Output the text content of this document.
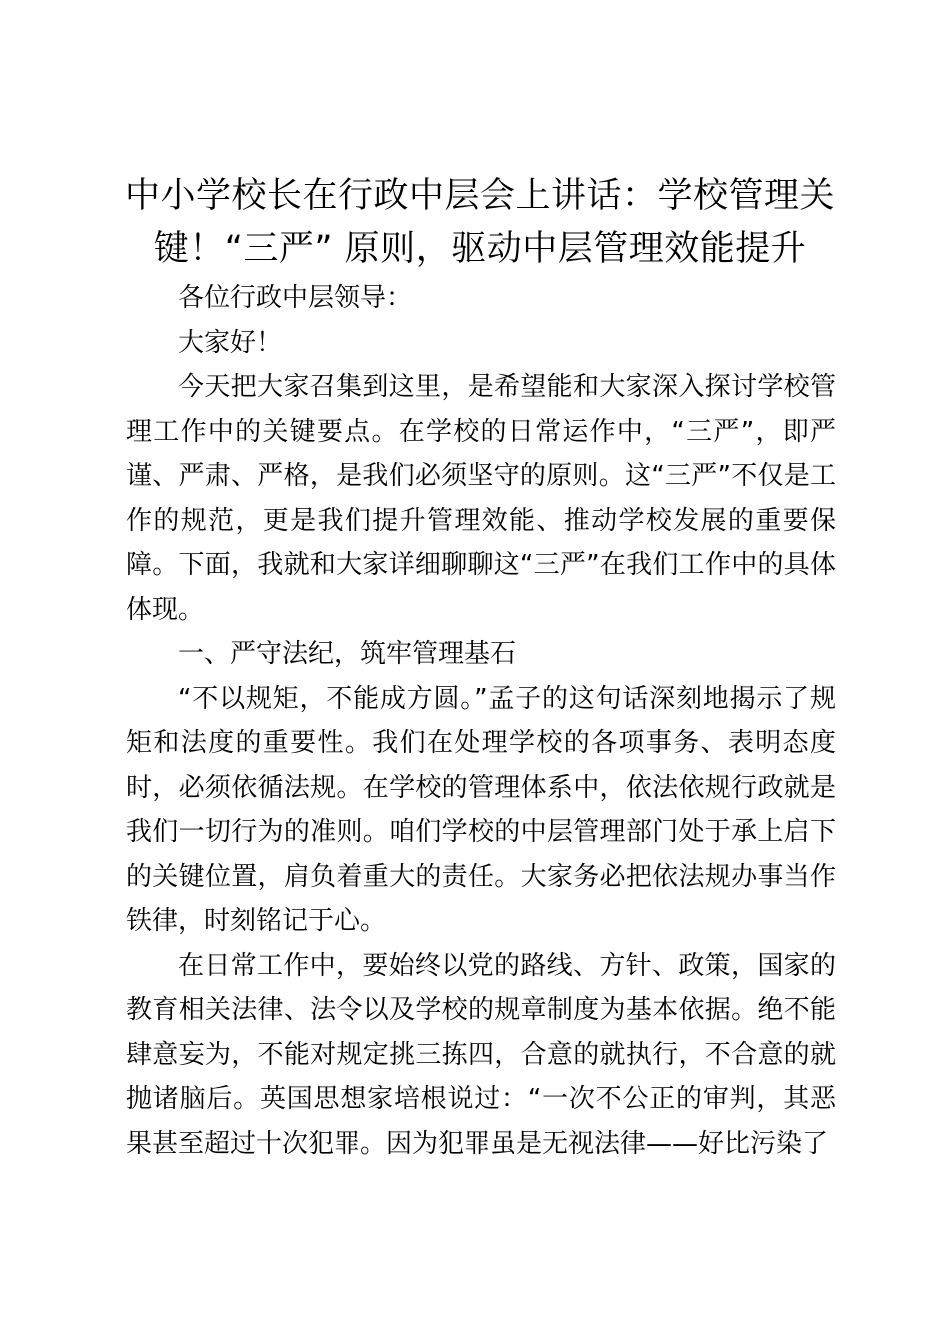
中小学校长在行政中层会上讲话：学校管理关键！“三严” 原则，驱动中层管理效能提升

各位行政中层领导：

大家好！

今天把大家召集到这里，是希望能和大家深入探讨学校管理工作中的关键要点。在学校的日常运作中，“三严”，即严谨、严肃、严格，是我们必须坚守的原则。这“三严”不仅是工作的规范，更是我们提升管理效能、推动学校发展的重要保障。下面，我就和大家详细聊聊这“三严”在我们工作中的具体体现。

一、严守法纪，筑牢管理基石

“不以规矩，不能成方圆。”孟子的这句话深刻地揭示了规矩和法度的重要性。我们在处理学校的各项事务、表明态度时，必须依循法规。在学校的管理体系中，依法依规行政就是我们一切行为的准则。咱们学校的中层管理部门处于承上启下的关键位置，肩负着重大的责任。大家务必把依法规办事当作铁律，时刻铭记于心。

在日常工作中，要始终以党的路线、方针、政策，国家的教育相关法律、法令以及学校的规章制度为基本依据。绝不能肆意妄为，不能对规定挑三拣四，合意的就执行，不合意的就抛诸脑后。英国思想家培根说过：“一次不公正的审判，其恶果甚至超过十次犯罪。因为犯罪虽是无视法律——好比污染了
